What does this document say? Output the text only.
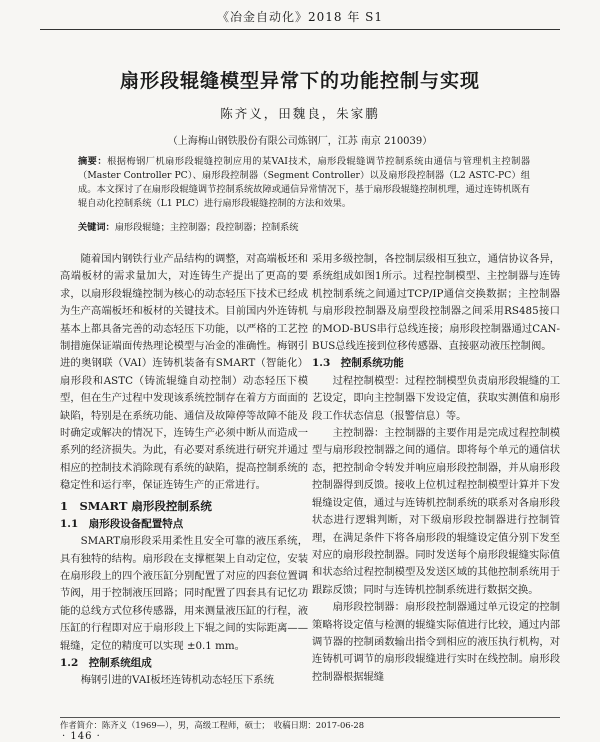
《冶金自动化》2018 年 S1
扇形段辊缝模型异常下的功能控制与实现
陈齐义，田魏良，朱家鹏
（上海梅山钢铁股份有限公司炼钢厂，江苏 南京 210039）

摘要：根据梅钢厂机扇形段辊缝控制应用的某VAI技术，扇形段辊缝调节控制系统由通信与管理机主控制器（Master Controller PC）、扇形段控制器（Segment Controller）以及扇形段控制器（L2 ASTC-PC）组成。本文探讨了在扇形段辊缝调节控制系统故障或通信异常情况下，基于扇形段辊缝控制机理，通过连铸机既有辊自动化控制系统（L1 PLC）进行扇形段辊缝控制的方法和效果。

关键词：扇形段辊缝；主控制器；段控制器；控制系统

随着国内钢铁行业产品结构的调整，对高端板坯和高端板材的需求量加大，对连铸生产提出了更高的要求，以扇形段辊缝控制为核心的动态轻压下技术已经成为生产高端板坯和板材的关键技术。目前国内外连铸机基本上都具备完善的动态轻压下功能，以严格的工艺控制措施保证端面传热理论模型与冶金的准确性。梅钢引进的奥钢联（VAI）连铸机装备有SMART（智能化）扇形段和ASTC（铸流辊缝自动控制）动态轻压下模型，但在生产过程中发现该系统控制存在着方方面面的缺陷，特别是在系统功能、通信及故障停等故障不能及时确定或解决的情况下，连铸生产必须中断从而造成一系列的经济损失。为此，有必要对系统进行研究并通过相应的控制技术消除现有系统的缺陷，提高控制系统的稳定性和运行率，保证连铸生产的正常进行。

1　SMART 扇形段控制系统
1.1　扇形段设备配置特点

SMART扇形段采用柔性且安全可靠的液压系统，具有独特的结构。扇形段在支撑框架上自动定位，安装在扇形段上的四个液压缸分别配置了对应的四套位置调节阀，用于控制液压回路；同时配置了四套具有记忆功能的总线方式位移传感器，用来测量液压缸的行程，液压缸的行程即对应于扇形段上下辊之间的实际距离——辊缝，定位的精度可以实现 ±0.1 mm。

1.2　控制系统组成

梅钢引进的VAI板坯连铸机动态轻压下系统

采用多级控制，各控制层级相互独立，通信协议各异，系统组成如图1所示。过程控制模型、主控制器与连铸机控制系统之间通过TCP/IP通信交换数据；主控制器与扇形段控制器及扇型段控制器之间采用RS485接口的MOD-BUS串行总线连接；扇形段控制器通过CAN-BUS总线连接到位移传感器、直接驱动液压控制阀。

1.3　控制系统功能

过程控制模型：过程控制模型负责扇形段辊缝的工艺设定，即向主控制器下发设定值，获取实测值和扇形段工作状态信息（报警信息）等。

主控制器：主控制器的主要作用是完成过程控制模型与扇形段控制器之间的通信。即将每个单元的通信状态，把控制命令转发并响应扇形段控制器，并从扇形段控制器得到反馈。接收上位机过程控制模型计算并下发辊缝设定值，通过与连铸机控制系统的联系对各扇形段状态进行逻辑判断，对下级扇形段控制器进行控制管理，在满足条件下将各扇形段的辊缝设定值分别下发至对应的扇形段控制器。同时发送每个扇形段辊缝实际值和状态给过程控制模型及发送区域的其他控制系统用于跟踪反馈；同时与连铸机控制系统进行数据交换。

扇形段控制器：扇形段控制器通过单元设定的控制策略将设定值与检测的辊缝实际值进行比较，通过内部调节器的控制函数输出指令到相应的液压执行机构，对连铸机可调节的扇形段辊缝进行实时在线控制。扇形段控制器根据辊缝

作者简介：陈齐义（1969—），男，高级工程师，硕士；　收稿日期：2017-06-28
· 146 ·
